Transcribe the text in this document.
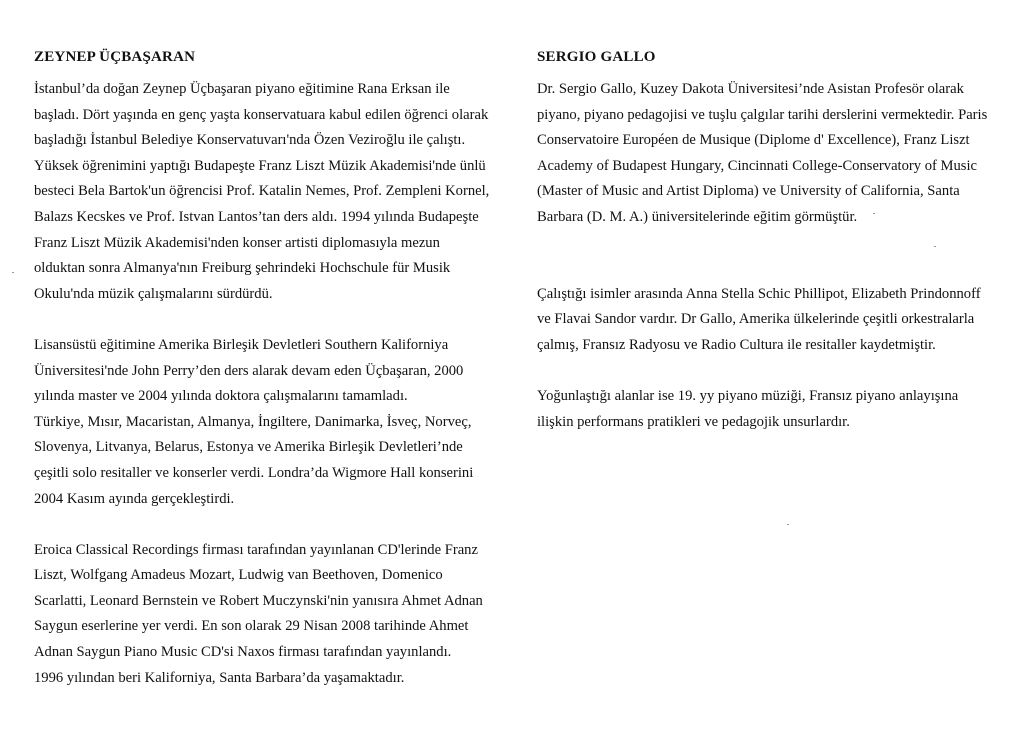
ZEYNEP ÜÇBAŞARAN
İstanbul’da doğan Zeynep Üçbaşaran piyano eğitimine Rana Erksan ile
başladı. Dört yaşında en genç yaşta konservatuara kabul edilen öğrenci olarak
başladığı İstanbul Belediye Konservatuvarı'nda Özen Veziroğlu ile çalıştı.
Yüksek öğrenimini yaptığı Budapeşte Franz Liszt Müzik Akademisi'nde ünlü
besteci Bela Bartok'un öğrencisi Prof. Katalin Nemes, Prof. Zempleni Kornel,
Balazs Kecskes ve Prof. Istvan Lantos’tan ders aldı. 1994 yılında Budapeşte
Franz Liszt Müzik Akademisi'nden konser artisti diplomasıyla mezun
olduktan sonra Almanya'nın Freiburg şehrindeki Hochschule für Musik
Okulu'nda müzik çalışmalarını sürdürdü.
Lisansüstü eğitimine Amerika Birleşik Devletleri Southern Kaliforniya
Üniversitesi'nde John Perry’den ders alarak devam eden Üçbaşaran, 2000
yılında master ve 2004 yılında doktora çalışmalarını tamamladı.
Türkiye, Mısır, Macaristan, Almanya, İngiltere, Danimarka, İsveç, Norveç,
Slovenya, Litvanya, Belarus, Estonya ve Amerika Birleşik Devletleri’nde
çeşitli solo resitaller ve konserler verdi. Londra’da Wigmore Hall konserini
2004 Kasım ayında gerçekleştirdi.
Eroica Classical Recordings firması tarafından yayınlanan CD'lerinde Franz
Liszt, Wolfgang Amadeus Mozart, Ludwig van Beethoven, Domenico
Scarlatti, Leonard Bernstein ve Robert Muczynski'nin yanısıra Ahmet Adnan
Saygun eserlerine yer verdi. En son olarak 29 Nisan 2008 tarihinde Ahmet
Adnan Saygun Piano Music CD'si Naxos firması tarafından yayınlandı.
1996 yılından beri Kaliforniya, Santa Barbara’da yaşamaktadır.
SERGIO GALLO
Dr. Sergio Gallo, Kuzey Dakota Üniversitesi’nde Asistan Profesör olarak
piyano, piyano pedagojisi ve tuşlu çalgılar tarihi derslerini vermektedir. Paris
Conservatoire Européen de Musique (Diplome d' Excellence), Franz Liszt
Academy of Budapest Hungary, Cincinnati College-Conservatory of Music
(Master of Music and Artist Diploma) ve University of California, Santa
Barbara (D. M. A.) üniversitelerinde eğitim görmüştür.
Çalıştığı isimler arasında Anna Stella Schic Phillipot, Elizabeth Prindonnoff
ve Flavai Sandor vardır. Dr Gallo, Amerika ülkelerinde çeşitli orkestralarla
çalmış, Fransız Radyosu ve Radio Cultura ile resitaller kaydetmiştir.
Yoğunlaştığı alanlar ise 19. yy piyano müziği, Fransız piyano anlayışına
ilişkin performans pratikleri ve pedagojik unsurlardır.
